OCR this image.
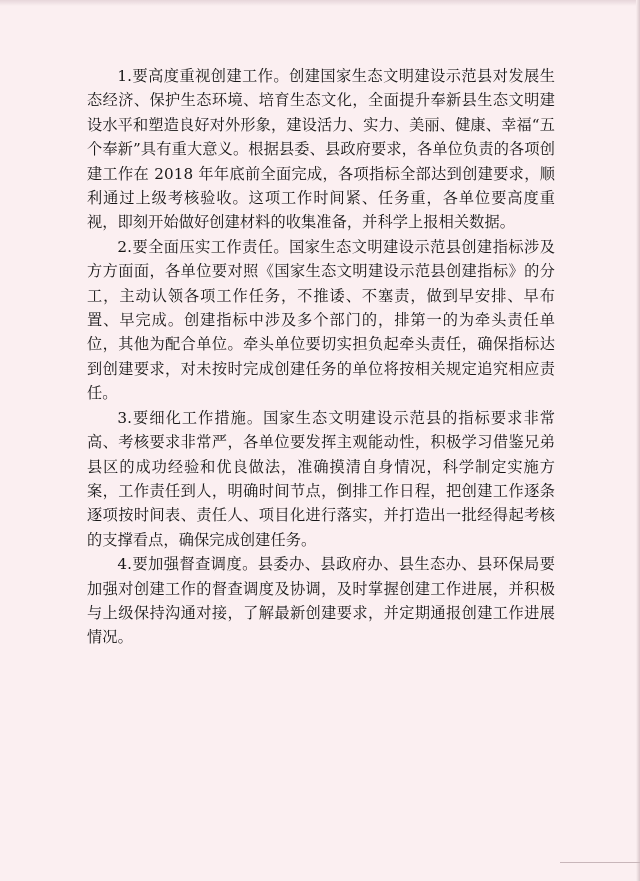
1.要高度重视创建工作。创建国家生态文明建设示范县对发展生态经济、保护生态环境、培育生态文化，全面提升奉新县生态文明建设水平和塑造良好对外形象，建设活力、实力、美丽、健康、幸福“五个奉新”具有重大意义。根据县委、县政府要求，各单位负责的各项创建工作在 2018 年年底前全面完成，各项指标全部达到创建要求，顺利通过上级考核验收。这项工作时间紧、任务重，各单位要高度重视，即刻开始做好创建材料的收集准备，并科学上报相关数据。

2.要全面压实工作责任。国家生态文明建设示范县创建指标涉及方方面面，各单位要对照《国家生态文明建设示范县创建指标》的分工，主动认领各项工作任务，不推诿、不塞责，做到早安排、早布置、早完成。创建指标中涉及多个部门的，排第一的为牵头责任单位，其他为配合单位。牵头单位要切实担负起牵头责任，确保指标达到创建要求，对未按时完成创建任务的单位将按相关规定追究相应责任。

3.要细化工作措施。国家生态文明建设示范县的指标要求非常高、考核要求非常严，各单位要发挥主观能动性，积极学习借鉴兄弟县区的成功经验和优良做法，准确摸清自身情况，科学制定实施方案，工作责任到人，明确时间节点，倒排工作日程，把创建工作逐条逐项按时间表、责任人、项目化进行落实，并打造出一批经得起考核的支撑看点，确保完成创建任务。

4.要加强督查调度。县委办、县政府办、县生态办、县环保局要加强对创建工作的督查调度及协调，及时掌握创建工作进展，并积极与上级保持沟通对接，了解最新创建要求，并定期通报创建工作进展情况。
